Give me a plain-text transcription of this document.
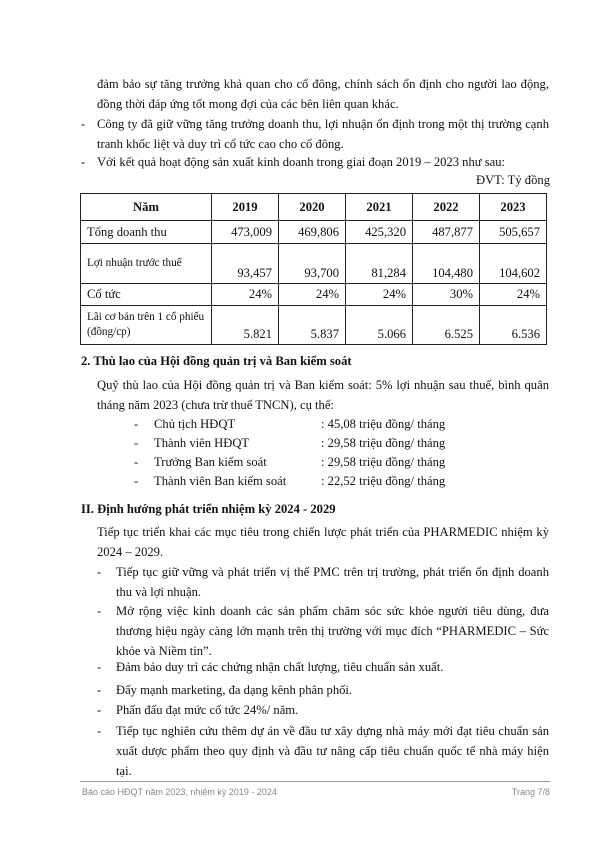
đảm bảo sự tăng trưởng khả quan cho cổ đông, chính sách ổn định cho người lao động, đồng thời đáp ứng tốt mong đợi của các bên liên quan khác.

- Công ty đã giữ vững tăng trưởng doanh thu, lợi nhuận ổn định trong một thị trường cạnh tranh khốc liệt và duy trì cổ tức cao cho cổ đông.

- Với kết quả hoạt động sản xuất kinh doanh trong giai đoạn 2019 – 2023 như sau:

ĐVT: Tỷ đồng
Năm	2019	2020	2021	2022	2023
Tổng doanh thu	473,009	469,806	425,320	487,877	505,657

Lợi nhuận trước thuế	93,457	93,700	81,284	104,480	104,602
Cổ tức	24%	24%	24%	30%	24%

Lãi cơ bản trên 1 cổ phiếu (đồng/cp)	5.821	5.837	5.066	6.525	6.536

2. Thù lao của Hội đồng quản trị và Ban kiểm soát

Quỹ thù lao của Hội đồng quản trị và Ban kiểm soát: 5% lợi nhuận sau thuế, bình quân tháng năm 2023 (chưa trừ thuế TNCN), cụ thể:

- Chủ tịch HĐQT	: 45,08 triệu đồng/ tháng
- Thành viên HĐQT	: 29,58 triệu đồng/ tháng
- Trưởng Ban kiểm soát	: 29,58 triệu đồng/ tháng
- Thành viên Ban kiểm soát	: 22,52 triệu đồng/ tháng

II. Định hướng phát triển nhiệm kỳ 2024 - 2029

Tiếp tục triển khai các mục tiêu trong chiến lược phát triển của PHARMEDIC nhiệm kỳ 2024 – 2029.

- Tiếp tục giữ vững và phát triển vị thế PMC trên trị trường, phát triển ổn định doanh thu và lợi nhuận.

- Mở rộng việc kinh doanh các sản phẩm chăm sóc sức khỏe người tiêu dùng, đưa thương hiệu ngày càng lớn mạnh trên thị trường với mục đích “PHARMEDIC – Sức khỏe và Niềm tin”.

- Đảm bảo duy trì các chứng nhận chất lượng, tiêu chuẩn sản xuất.

- Đẩy mạnh marketing, đa dạng kênh phân phối.

- Phấn đấu đạt mức cổ tức 24%/ năm.

- Tiếp tục nghiên cứu thêm dự án về đầu tư xây dựng nhà máy mới đạt tiêu chuẩn sản xuất dược phẩm theo quy định và đầu tư nâng cấp tiêu chuẩn quốc tế nhà máy hiện tại.

Báo cáo HĐQT năm 2023, nhiệm kỳ 2019 - 2024	Trang 7/8
